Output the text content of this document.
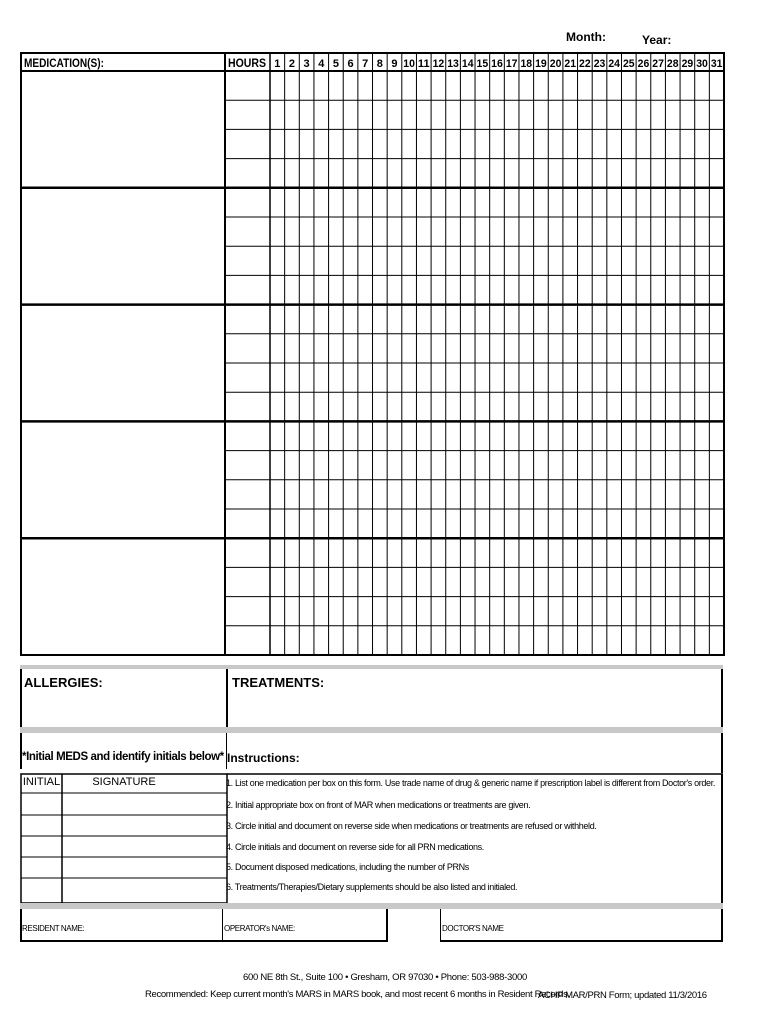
Month:	Year:
MEDICATION(S):	HOURS 1 2 3 4 5 6 7 8 9 10 11 12 13 14 15 16 17 18 19 20 21 22 23 24 25 26 27 28 29 30 31
ALLERGIES:	TREATMENTS:
*Initial MEDS and identify initials below* Instructions:
INITIAL	SIGNATURE	1. List one medication per box on this form. Use trade name of drug & generic name if prescription label is different from Doctor's order.
2. Initial appropriate box on front of MAR when medications or treatments are given.
3. Circle initial and document on reverse side when medications or treatments are refused or withheld.
4. Circle initials and document on reverse side for all PRN medications.
5. Document disposed medications, including the number of PRNs
6. Treatments/Therapies/Dietary supplements should be also listed and initialed.
RESIDENT NAME:	OPERATOR's NAME:	DOCTOR'S NAME
600 NE 8th St., Suite 100 • Gresham, OR 97030 • Phone: 503-988-3000
Recommended: Keep current month's MARS in MARS book, and most recent 6 months in Resident Records.
ACHP MAR/PRN Form; updated 11/3/2016
